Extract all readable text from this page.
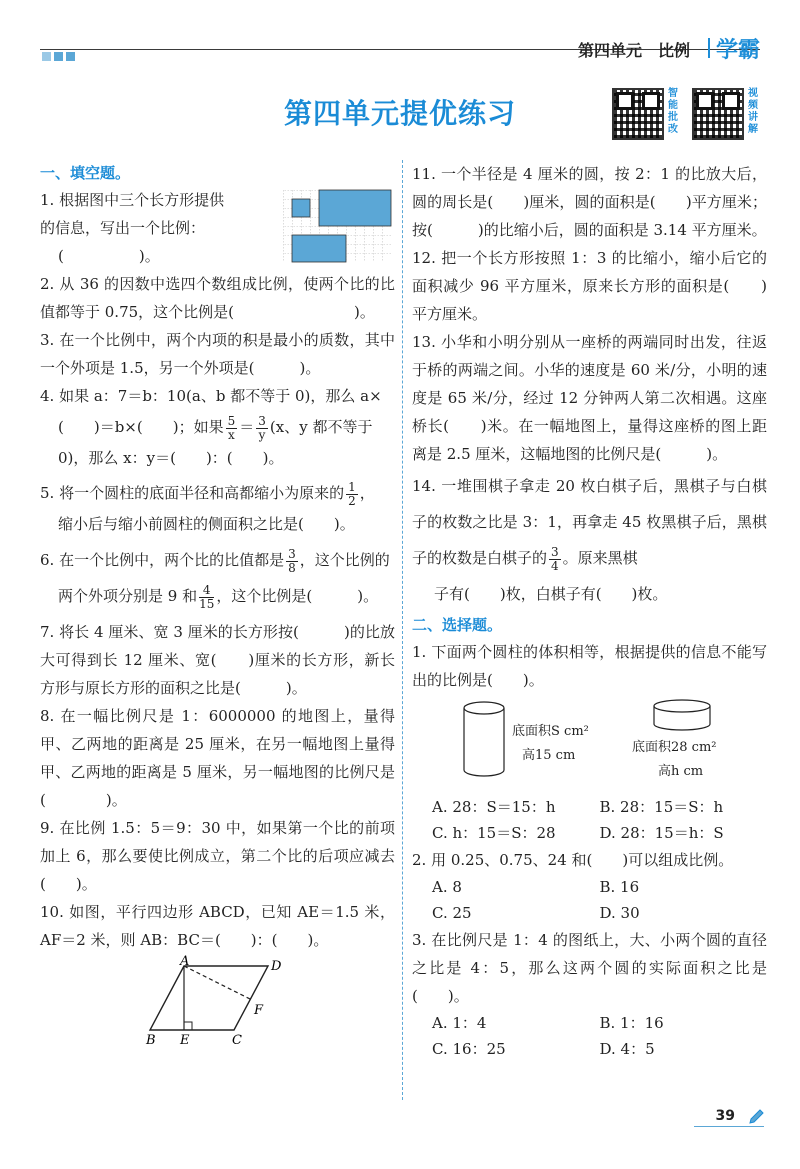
第四单元　比例 学霸
第四单元提优练习
智能批改
视频讲解
一、填空题。
1. 根据图中三个长方形提供
的信息，写出一个比例：
(　　　　　)。
2. 从 36 的因数中选四个数组成比例，使两个比的比值都等于 0.75，这个比例是(　　　　　　　　)。
3. 在一个比例中，两个内项的积是最小的质数，其中一个外项是 1.5，另一个外项是(　　　)。
4. 如果 a：7＝b：10(a、b 都不等于 0)，那么 a×
(　　)＝b×(　　)；如果 $\frac{5}{x} = \frac{3}{y} (x$、y 都不等于
0)，那么 x：y＝(　　)：(　　)。
5. 将一个圆柱的底面半径和高都缩小为原来的 $\frac{1}{2}$ ，
缩小后与缩小前圆柱的侧面积之比是(　　)。
6. 在一个比例中，两个比的比值都是 $\frac{3}{8}$ ，这个比例的
两个外项分别是 9 和 $\frac{4}{15}$ ，这个比例是(　　　)。
7. 将长 4 厘米、宽 3 厘米的长方形按(　　　)的比放大可得到长 12 厘米、宽(　　)厘米的长方形，新长方形与原长方形的面积之比是(　　　)。
8. 在一幅比例尺是 1：6000000 的地图上，量得甲、乙两地的距离是 25 厘米，在另一幅地图上量得甲、乙两地的距离是 5 厘米，另一幅地图的比例尺是(　　　　)。
9. 在比例 1.5：5＝9：30 中，如果第一个比的前项加上 6，那么要使比例成立，第二个比的后项应减去(　　)。
10. 如图，平行四边形 ABCD，已知 AE＝1.5 米，AF＝2 米，则 AB：BC＝(　　)：(　　)。
A	D
B E	C
F
11. 一个半径是 4 厘米的圆，按 2：1 的比放大后，圆的周长是(　　)厘米，圆的面积是(　　)平方厘米；按(　　　)的比缩小后，圆的面积是 3.14 平方厘米。
12. 把一个长方形按照 1：3 的比缩小，缩小后它的面积减少 96 平方厘米，原来长方形的面积是(　　)平方厘米。
13. 小华和小明分别从一座桥的两端同时出发，往返于桥的两端之间。小华的速度是 60 米/分，小明的速度是 65 米/分，经过 12 分钟两人第二次相遇。这座桥长(　　)米。在一幅地图上，量得这座桥的图上距离是 2.5 厘米，这幅地图的比例尺是(　　　)。
14. 一堆围棋子拿走 20 枚白棋子后，黑棋子与白棋子的枚数之比是 3：1，再拿走 45 枚黑棋子后，黑棋子的枚数是白棋子的 $\frac{3}{4}$ 。原来黑棋
子有(　　)枚，白棋子有(　　)枚。
二、选择题。
1. 下面两个圆柱的体积相等，根据提供的信息不能写出的比例是(　　)。
底面积S cm²
高15 cm
底面积28 cm²
高h cm
A. 28：S＝15：h	B. 28：15＝S：h
C. h：15＝S：28	D. 28：15＝h：S
2. 用 0.25、0.75、24 和(　　)可以组成比例。
A. 8	B. 16
C. 25	D. 30
3. 在比例尺是 1：4 的图纸上，大、小两个圆的直径之比是 4：5，那么这两个圆的实际面积之比是(　　)。
A. 1：4	B. 1：16
C. 16：25	D. 4：5
39
